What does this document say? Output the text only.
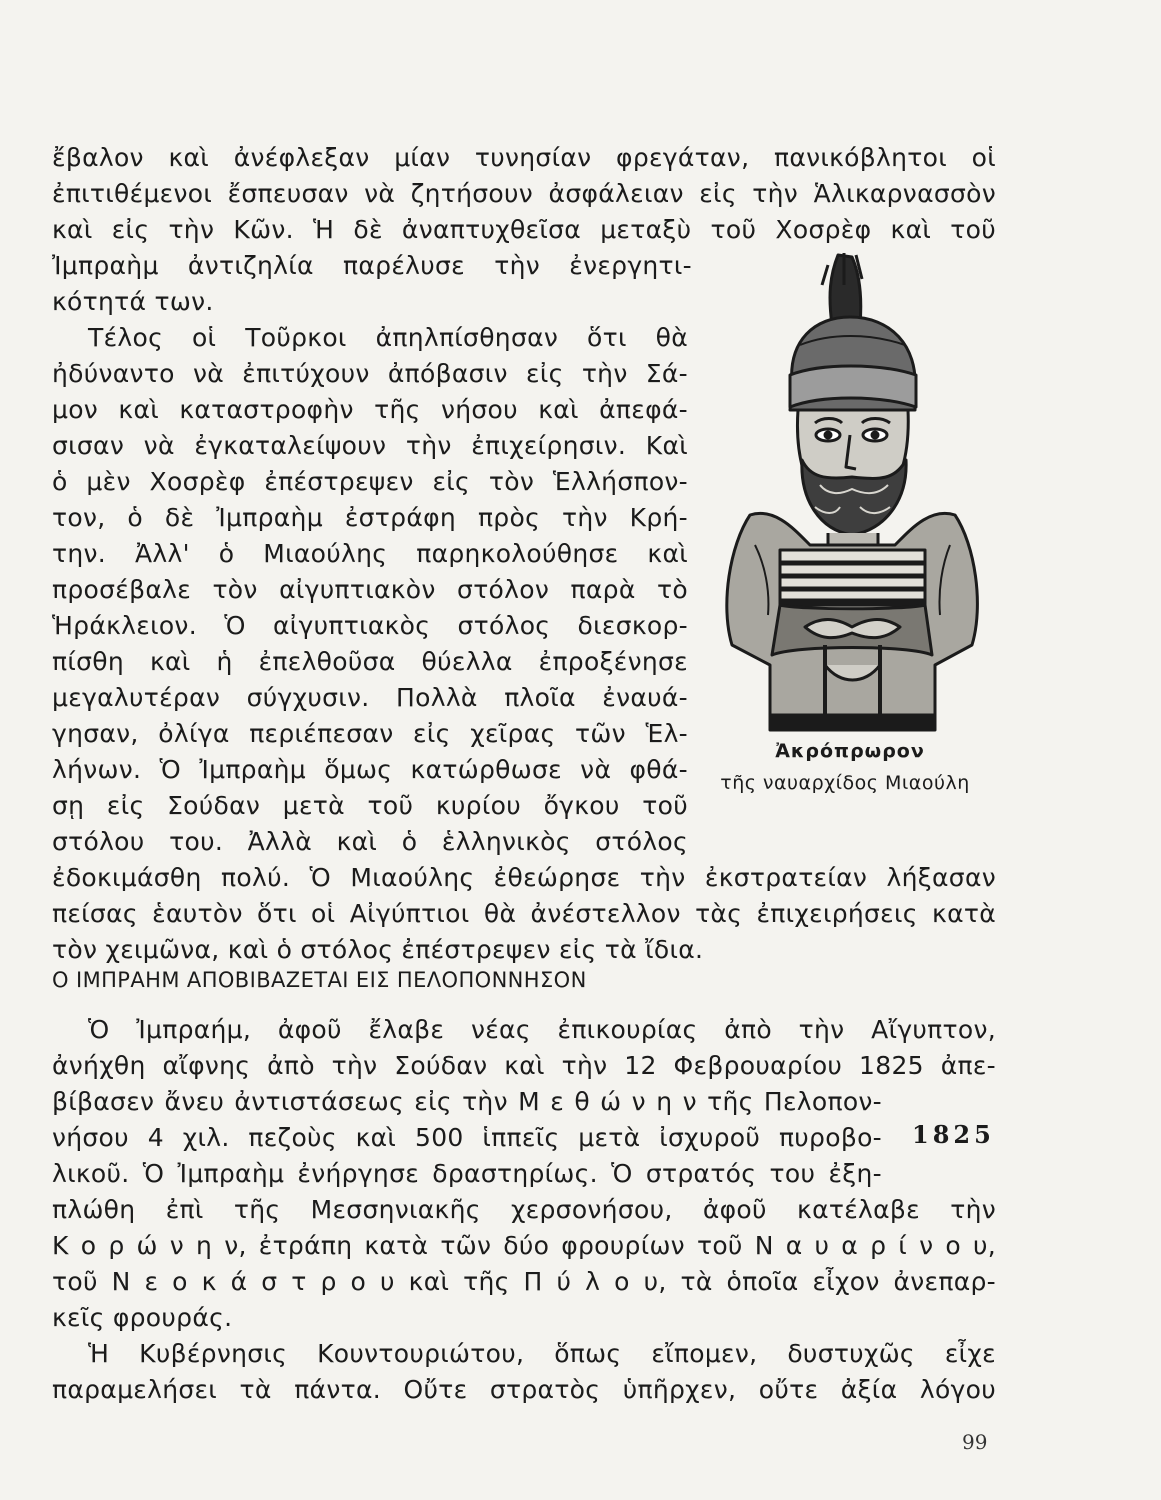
ἔβαλον καὶ ἀνέφλεξαν μίαν τυνησίαν φρεγάταν, πανικόβλητοι οἱ
ἐπιτιθέμενοι ἔσπευσαν νὰ ζητήσουν ἀσφάλειαν εἰς τὴν Ἁλικαρνασσὸν
καὶ εἰς τὴν Κῶν. Ἡ δὲ ἀναπτυχθεῖσα μεταξὺ τοῦ Χοσρὲφ καὶ τοῦ
Ἰμπραὴμ ἀντιζηλία παρέλυσε τὴν ἐνεργητι-
κότητά των.
Τέλος οἱ Τοῦρκοι ἀπηλπίσθησαν ὅτι θὰ
ἠδύναντο νὰ ἐπιτύχουν ἀπόβασιν εἰς τὴν Σά-
μον καὶ καταστροφὴν τῆς νήσου καὶ ἀπεφά-
σισαν νὰ ἐγκαταλείψουν τὴν ἐπιχείρησιν. Καὶ
ὁ μὲν Χοσρὲφ ἐπέστρεψεν εἰς τὸν Ἑλλήσπον-
τον, ὁ δὲ Ἰμπραὴμ ἐστράφη πρὸς τὴν Κρή-
την. Ἀλλ' ὁ Μιαούλης παρηκολούθησε καὶ
προσέβαλε τὸν αἰγυπτιακὸν στόλον παρὰ τὸ
Ἡράκλειον. Ὁ αἰγυπτιακὸς στόλος διεσκορ-
πίσθη καὶ ἡ ἐπελθοῦσα θύελλα ἐπροξένησε
μεγαλυτέραν σύγχυσιν. Πολλὰ πλοῖα ἐναυά-
γησαν, ὀλίγα περιέπεσαν εἰς χεῖρας τῶν Ἑλ-
λήνων. Ὁ Ἰμπραὴμ ὅμως κατώρθωσε νὰ φθά-
σῃ εἰς Σούδαν μετὰ τοῦ κυρίου ὄγκου τοῦ
στόλου του. Ἀλλὰ καὶ ὁ ἑλληνικὸς στόλος
ἐδοκιμάσθη πολύ. Ὁ Μιαούλης ἐθεώρησε τὴν ἐκστρατείαν λήξασαν
πείσας ἑαυτὸν ὅτι οἱ Αἰγύπτιοι θὰ ἀνέστελλον τὰς ἐπιχειρήσεις κατὰ
τὸν χειμῶνα, καὶ ὁ στόλος ἐπέστρεψεν εἰς τὰ ἴδια.
Ἀκρόπρωρον
τῆς ναυαρχίδος Μιαούλη
Ο ΙΜΠΡΑΗΜ ΑΠΟΒΙΒΑΖΕΤΑΙ ΕΙΣ ΠΕΛΟΠΟΝΝΗΣΟΝ
Ὁ Ἰμπραήμ, ἀφοῦ ἔλαβε νέας ἐπικουρίας ἀπὸ τὴν Αἴγυπτον,
ἀνήχθη αἴφνης ἀπὸ τὴν Σούδαν καὶ τὴν 12 Φεβρουαρίου 1825 ἀπε-
βίβασεν ἄνευ ἀντιστάσεως εἰς τὴν Μ ε θ ώ ν η ν τῆς Πελοπον-
νήσου 4 χιλ. πεζοὺς καὶ 500 ἱππεῖς μετὰ ἰσχυροῦ πυροβο-
λικοῦ. Ὁ Ἰμπραὴμ ἐνήργησε δραστηρίως. Ὁ στρατός του ἐξη-
πλώθη ἐπὶ τῆς Μεσσηνιακῆς χερσονήσου, ἀφοῦ κατέλαβε τὴν
Κ ο ρ ώ ν η ν, ἐτράπη κατὰ τῶν δύο φρουρίων τοῦ Ν α υ α ρ ί ν ο υ,
τοῦ Ν ε ο κ ά σ τ ρ ο υ καὶ τῆς Π ύ λ ο υ, τὰ ὁποῖα εἶχον ἀνεπαρ-
κεῖς φρουράς.
1825
Ἡ Κυβέρνησις Κουντουριώτου, ὅπως εἴπομεν, δυστυχῶς εἶχε
παραμελήσει τὰ πάντα. Οὔτε στρατὸς ὑπῆρχεν, οὔτε ἀξία λόγου
99
